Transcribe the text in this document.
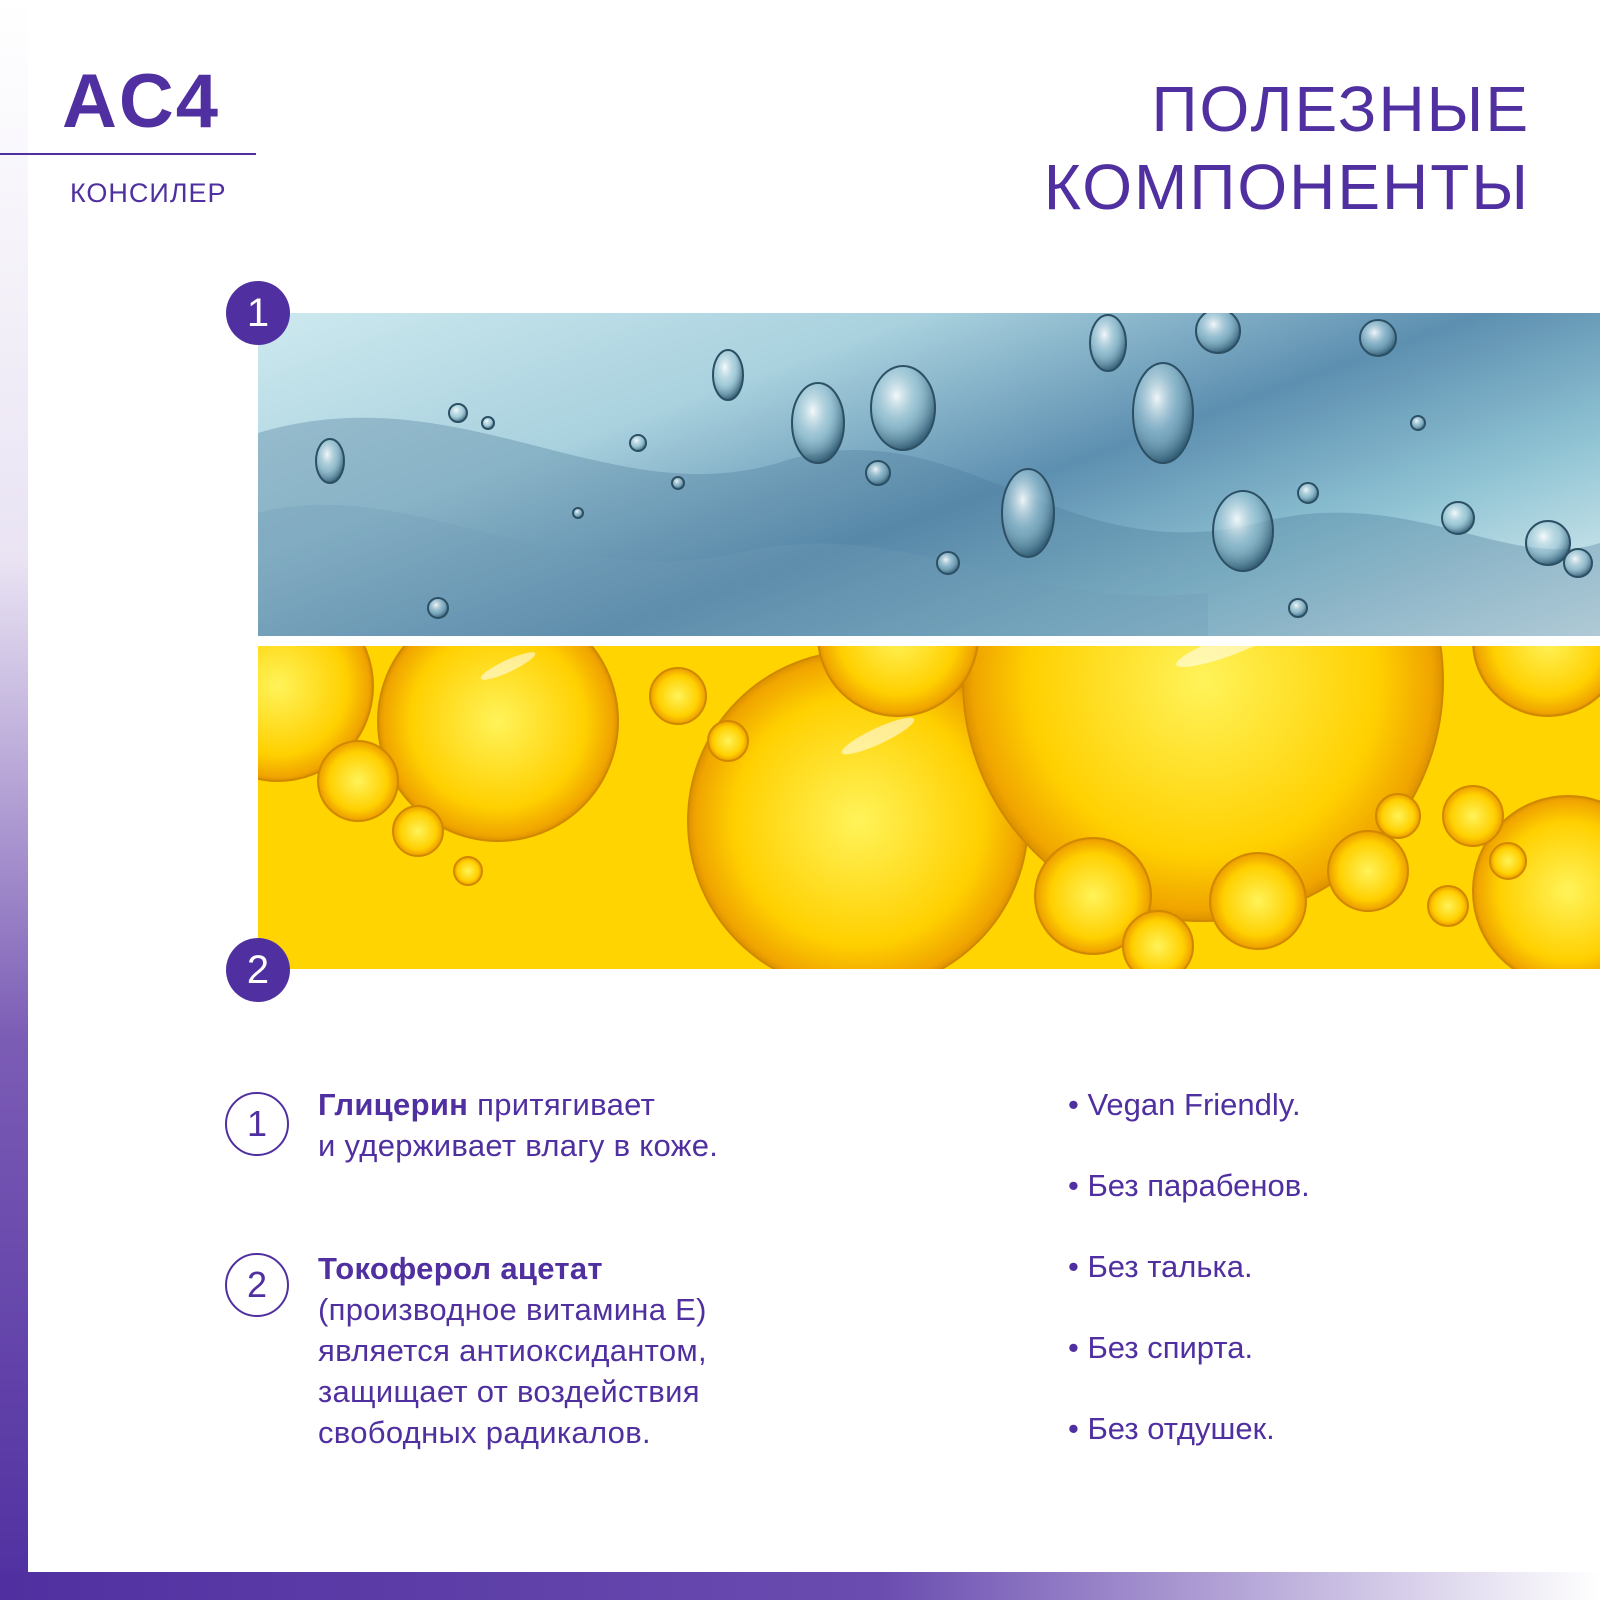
AC4
КОНСИЛЕР
ПОЛЕЗНЫЕ
КОМПОНЕНТЫ
1
2
1	Глицерин притягивает
и удерживает влагу в коже.
2	Токоферол ацетат
(производное витамина Е)
является антиоксидантом,
защищает от воздействия
свободных радикалов.
• Vegan Friendly.
• Без парабенов.
• Без талька.
• Без спирта.
• Без отдушек.
